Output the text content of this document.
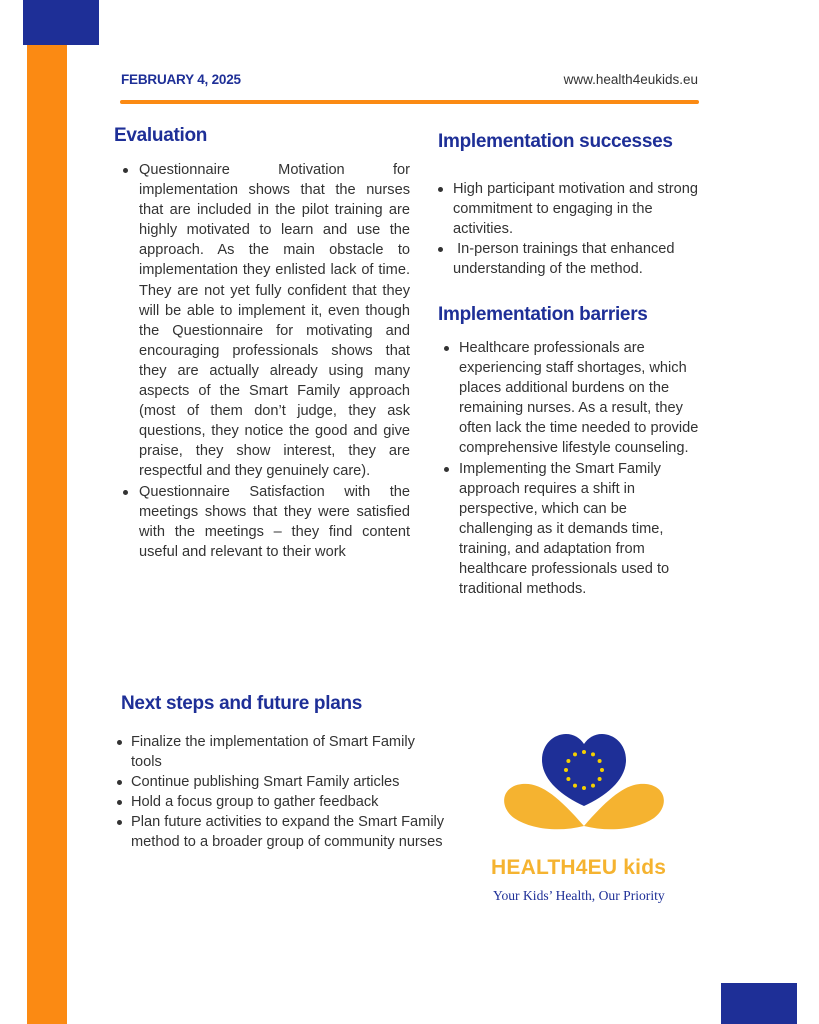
FEBRUARY 4, 2025	www.health4eukids.eu
Evaluation
Questionnaire Motivation for implementation shows that the nurses that are included in the pilot training are highly motivated to learn and use the approach. As the main obstacle to implementation they enlisted lack of time. They are not yet fully confident that they will be able to implement it, even though the Questionnaire for motivating and encouraging professionals shows that they are actually already using many aspects of the Smart Family approach (most of them don’t judge, they ask questions, they notice the good and give praise, they show interest, they are respectful and they genuinely care).
Questionnaire Satisfaction with the meetings shows that they were satisfied with the meetings – they find content useful and relevant to their work
Implementation successes
High participant motivation and strong commitment to engaging in the activities.
In-person trainings that enhanced understanding of the method.
Implementation barriers
Healthcare professionals are experiencing staff shortages, which places additional burdens on the remaining nurses. As a result, they often lack the time needed to provide comprehensive lifestyle counseling.
Implementing the Smart Family approach requires a shift in perspective, which can be challenging as it demands time, training, and adaptation from healthcare professionals used to traditional methods.
Next steps and future plans
Finalize the implementation of Smart Family tools
Continue publishing Smart Family articles
Hold a focus group to gather feedback
Plan future activities to expand the Smart Family method to a broader group of community nurses
HEALTH4EU kids
Your Kids’ Health, Our Priority
